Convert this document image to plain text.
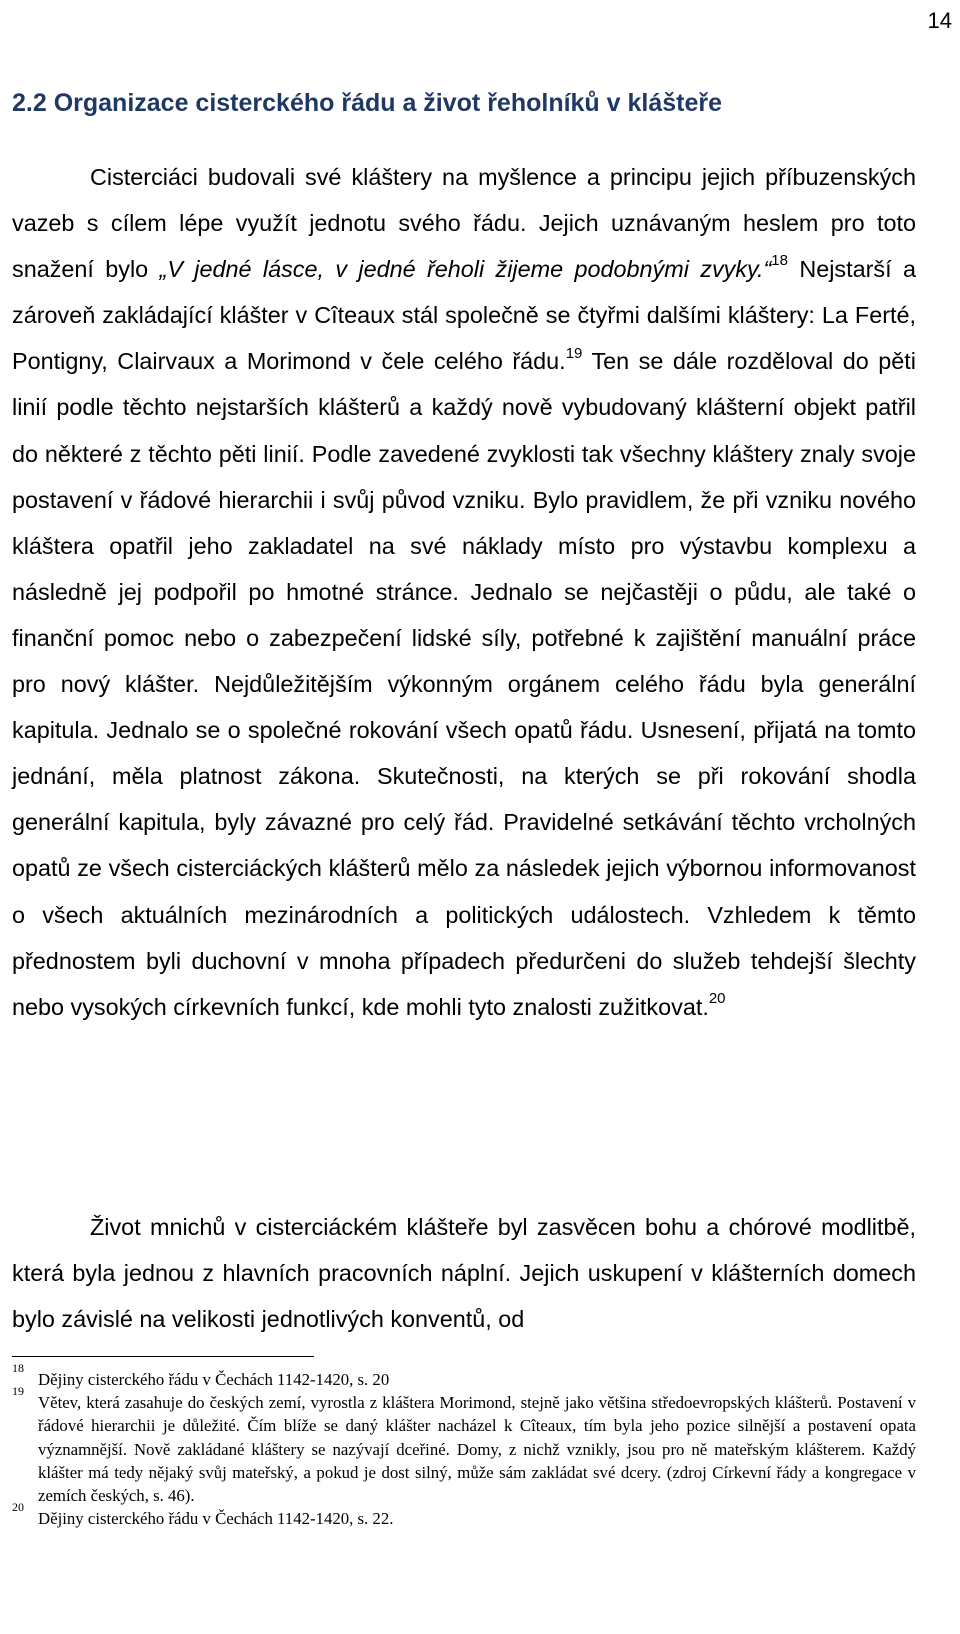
14
2.2 Organizace cisterckého řádu a život řeholníků v klášteře

Cisterciáci budovali své kláštery na myšlence a principu jejich příbuzenských vazeb s cílem lépe využít jednotu svého řádu. Jejich uznávaným heslem pro toto snažení bylo „V jedné lásce, v jedné řeholi žijeme podobnými zvyky.“$^{18}$ Nejstarší a zároveň zakládající klášter v Cîteaux stál společně se čtyřmi dalšími kláštery: La Ferté, Pontigny, Clairvaux a Morimond v čele celého řádu.$^{19}$ Ten se dále rozděloval do pěti linií podle těchto nejstarších klášterů a každý nově vybudovaný klášterní objekt patřil do některé z těchto pěti linií. Podle zavedené zvyklosti tak všechny kláštery znaly svoje postavení v řádové hierarchii i svůj původ vzniku. Bylo pravidlem, že při vzniku nového kláštera opatřil jeho zakladatel na své náklady místo pro výstavbu komplexu a následně jej podpořil po hmotné stránce. Jednalo se nejčastěji o půdu, ale také o finanční pomoc nebo o zabezpečení lidské síly, potřebné k zajištění manuální práce pro nový klášter. Nejdůležitějším výkonným orgánem celého řádu byla generální kapitula. Jednalo se o společné rokování všech opatů řádu. Usnesení, přijatá na tomto jednání, měla platnost zákona. Skutečnosti, na kterých se při rokování shodla generální kapitula, byly závazné pro celý řád. Pravidelné setkávání těchto vrcholných opatů ze všech cisterciáckých klášterů mělo za následek jejich výbornou informovanost o všech aktuálních mezinárodních a politických událostech. Vzhledem k těmto přednostem byli duchovní v mnoha případech předurčeni do služeb tehdejší šlechty nebo vysokých církevních funkcí, kde mohli tyto znalosti zužitkovat.$^{20}$

Život mnichů v cisterciáckém klášteře byl zasvěcen bohu a chórové modlitbě, která byla jednou z hlavních pracovních náplní. Jejich uskupení v klášterních domech bylo závislé na velikosti jednotlivých konventů, od

18
Dějiny cisterckého řádu v Čechách 1142-1420, s. 20
19
Větev, která zasahuje do českých zemí, vyrostla z kláštera Morimond, stejně jako většina středoevropských klášterů. Postavení v řádové hierarchii je důležité. Čím blíže se daný klášter nacházel k Cîteaux, tím byla jeho pozice silnější a postavení opata významnější. Nově zakládané kláštery se nazývají dceřiné. Domy, z nichž vznikly, jsou pro ně mateřským klášterem. Každý klášter má tedy nějaký svůj mateřský, a pokud je dost silný, může sám zakládat své dcery. (zdroj Církevní řády a kongregace v zemích českých, s. 46).
20
Dějiny cisterckého řádu v Čechách 1142-1420, s. 22.
